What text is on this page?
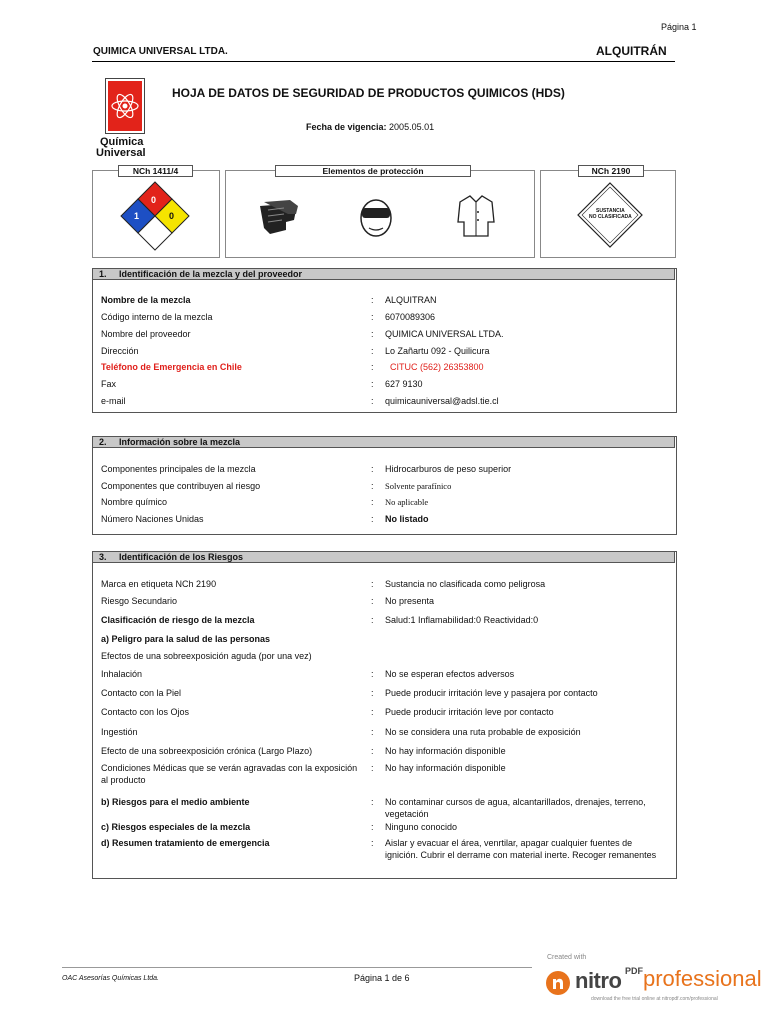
Página 1
QUIMICA UNIVERSAL LTDA.	ALQUITRÁN
Química
Universal
HOJA DE DATOS DE SEGURIDAD DE PRODUCTOS QUIMICOS (HDS)
Fecha de vigencia: 2005.05.01
NCh 1411/4
0
1	0
Elementos de protección	NCh 2190
SUSTANCIA
NO CLASIFICADA
1. Identificación de la mezcla y del proveedor
Nombre de la mezcla	: ALQUITRAN
Código interno de la mezcla	: 6070089306
Nombre del proveedor	: QUIMICA UNIVERSAL LTDA.
Dirección	: Lo Zañartu 092 - Quilicura
Teléfono de Emergencia en Chile	: CITUC (562) 26353800
Fax	: 627 9130
e-mail	: quimicauniversal@adsl.tie.cl
2. Información sobre la mezcla
Componentes principales de la mezcla	: Hidrocarburos de peso superior
Componentes que contribuyen al riesgo	: Solvente parafínico
Nombre químico	: No aplicable
Número Naciones Unidas	: No listado
3. Identificación de los Riesgos
Marca en etiqueta NCh 2190	: Sustancia no clasificada como peligrosa
Riesgo Secundario	: No presenta
Clasificación de riesgo de la mezcla	: Salud:1 Inflamabilidad:0 Reactividad:0
a) Peligro para la salud de las personas
Efectos de una sobreexposición aguda (por una vez)
Inhalación	: No se esperan efectos adversos
Contacto con la Piel	: Puede producir irritación leve y pasajera por contacto
Contacto con los Ojos	: Puede producir irritación leve por contacto
Ingestión	: No se considera una ruta probable de exposición
Efecto de una sobreexposición crónica (Largo Plazo)	: No hay información disponible
Condiciones Médicas que se verán agravadas con la exposición
al producto
: No hay información disponible
b) Riesgos para el medio ambiente	: No contaminar cursos de agua, alcantarillados, drenajes, terreno,
vegetación
c) Riesgos especiales de la mezcla	: Ninguno conocido
d) Resumen tratamiento de emergencia	: Aislar y evacuar el área, venrtilar, apagar cualquier fuentes de
ignición. Cubrir el derrame con material inerte. Recoger remanentes
OAC Asesorías Químicas Ltda.	Página 1 de 6
Created with
nitro PDF professional
download the free trial online at nitropdf.com/professional
